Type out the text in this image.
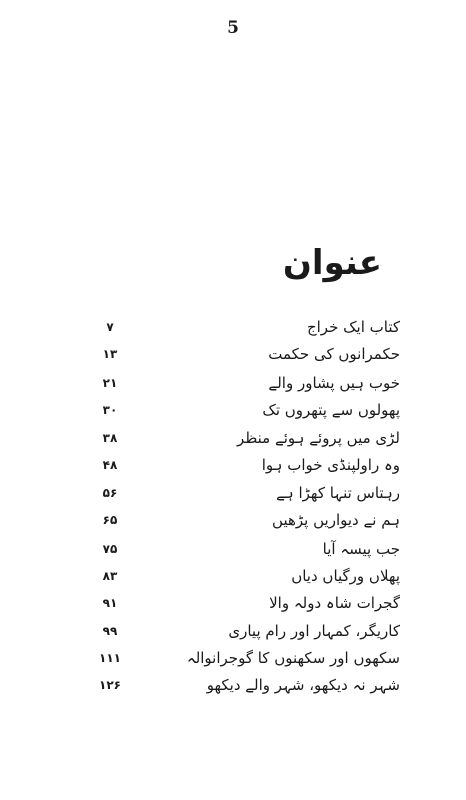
5
عنوان
کتاب ایک خراج
۷
حکمرانوں کی حکمت
۱۳
خوب ہیں پشاور والے
۲۱
پھولوں سے پتھروں تک
۳۰
لڑی میں پروئے ہوئے منظر
۳۸
وہ راولپنڈی خواب ہوا
۴۸
رہتاس تنہا کھڑا ہے
۵۶
ہم نے دیواریں پڑھیں
۶۵
جب پیسہ آیا
۷۵
پھلاں ورگیاں دیاں
۸۳
گجرات شاہ دولہ والا
۹۱
کاریگر، کمہار اور رام پیاری
۹۹
سکھوں اور سکھنوں کا گوجرانوالہ
۱۱۱
شہر نہ دیکھو، شہر والے دیکھو
۱۲۶
